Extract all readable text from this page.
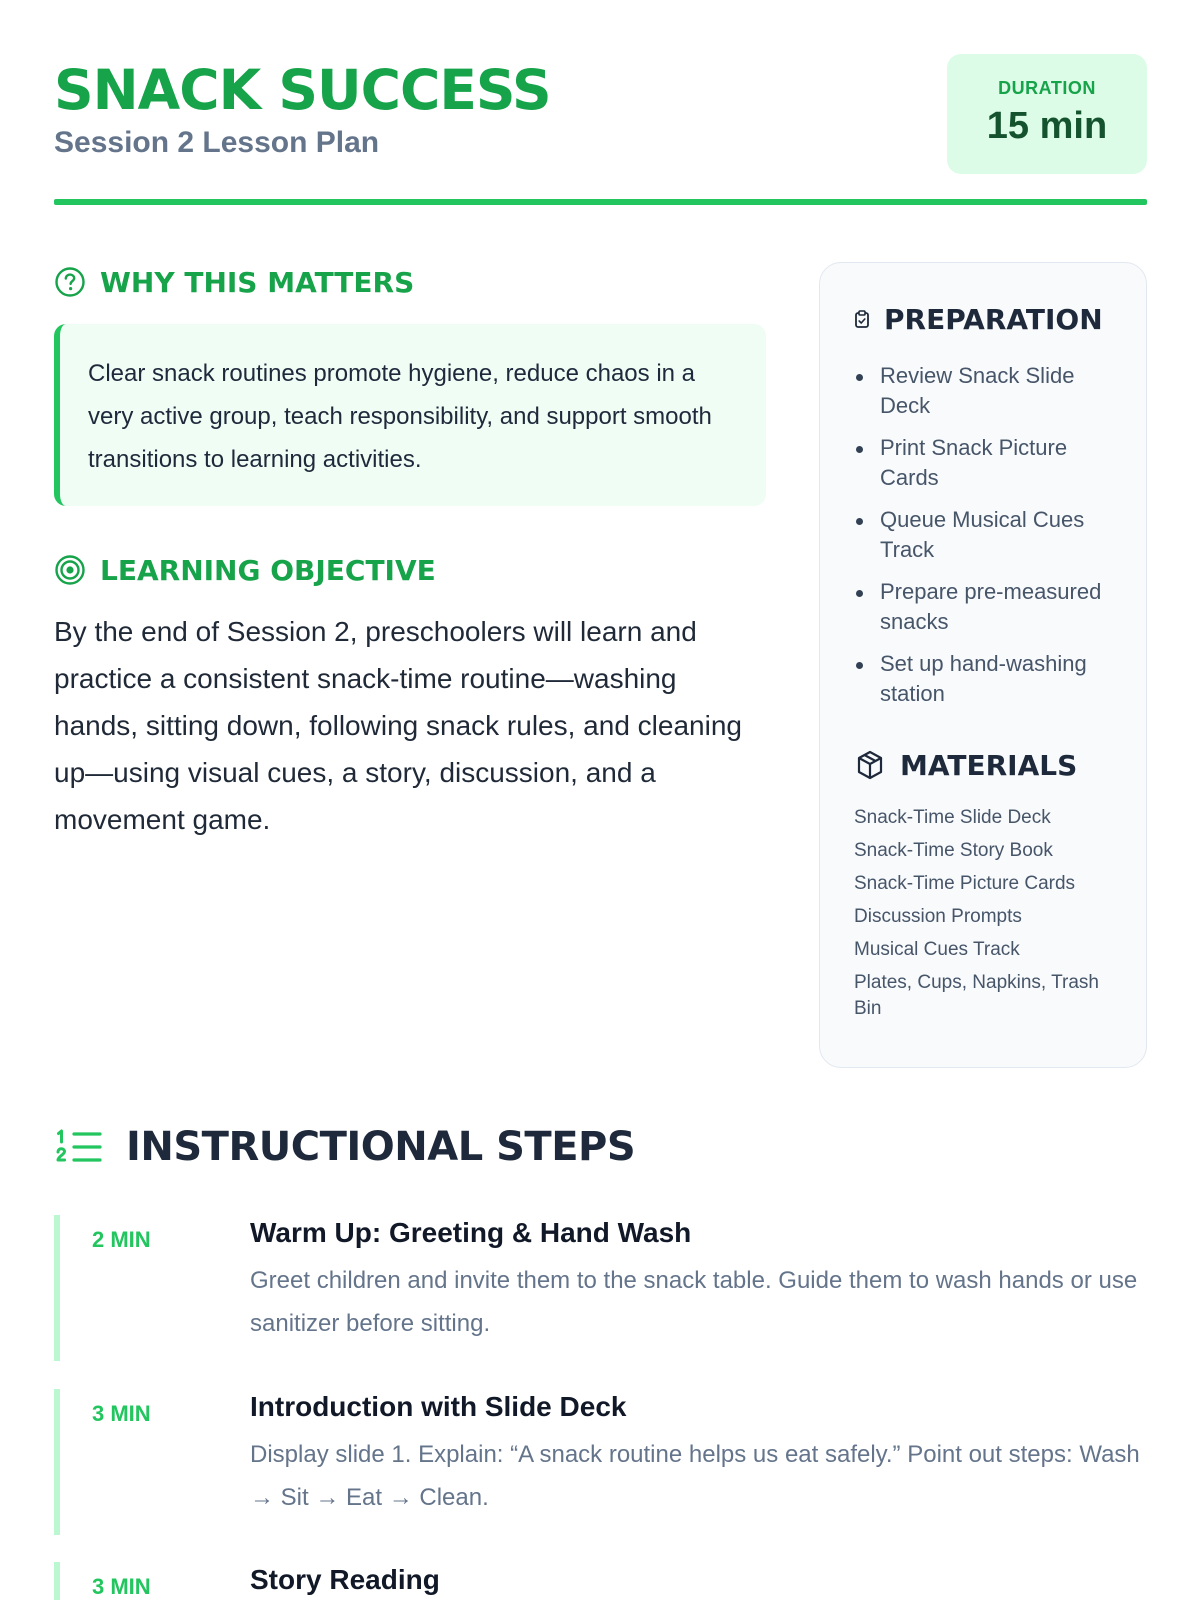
SNACK SUCCESS
Session 2 Lesson Plan
DURATION
15 min
WHY THIS MATTERS
Clear snack routines promote hygiene, reduce chaos in a very active group, teach responsibility, and support smooth transitions to learning activities.
LEARNING OBJECTIVE

By the end of Session 2, preschoolers will learn and practice a consistent snack-time routine—washing hands, sitting down, following snack rules, and cleaning up—using visual cues, a story, discussion, and a movement game.

PREPARATION
Review Snack Slide Deck
Print Snack Picture Cards
Queue Musical Cues Track
Prepare pre-measured snacks
Set up hand-washing station
MATERIALS
Snack-Time Slide Deck
Snack-Time Story Book
Snack-Time Picture Cards
Discussion Prompts
Musical Cues Track
Plates, Cups, Napkins, Trash Bin
INSTRUCTIONAL STEPS
2 MIN	Warm Up: Greeting & Hand Wash
Greet children and invite them to the snack table. Guide them to wash hands or use sanitizer before sitting.
3 MIN	Introduction with Slide Deck
Display slide 1. Explain: “A snack routine helps us eat safely.” Point out steps: Wash → Sit → Eat → Clean.
3 MIN	Story Reading
